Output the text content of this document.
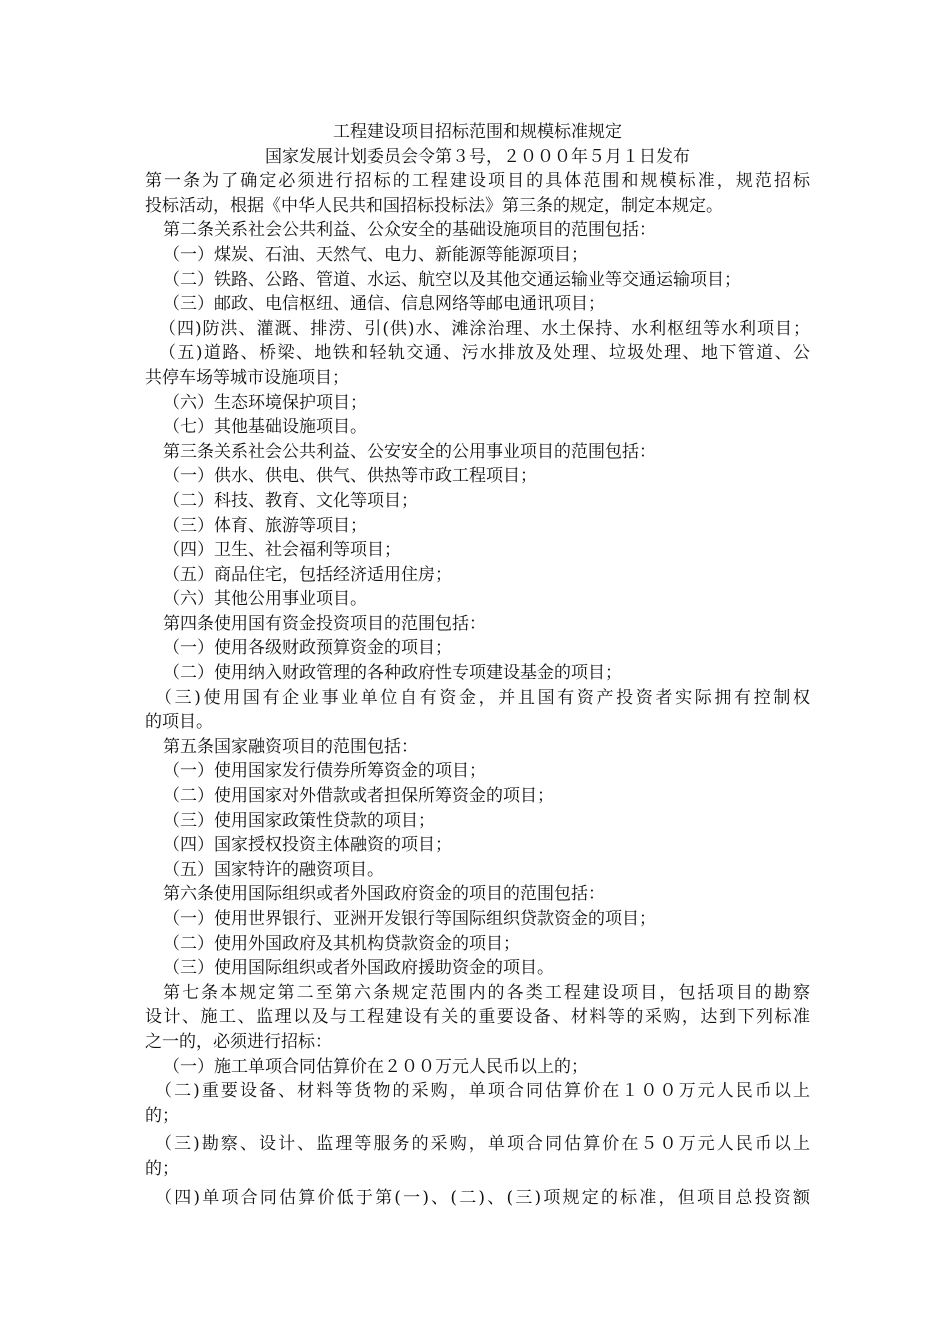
工程建设项目招标范围和规模标准规定
国家发展计划委员会令第３号，２０００年５月１日发布
第一条为了确定必须进行招标的工程建设项目的具体范围和规模标准，规范招标
投标活动，根据《中华人民共和国招标投标法》第三条的规定，制定本规定。
第二条关系社会公共利益、公众安全的基础设施项目的范围包括：
（一）煤炭、石油、天然气、电力、新能源等能源项目；
（二）铁路、公路、管道、水运、航空以及其他交通运输业等交通运输项目；
（三）邮政、电信枢纽、通信、信息网络等邮电通讯项目；
（四)防洪、灌溉、排涝、引(供)水、滩涂治理、水土保持、水利枢纽等水利项目；
（五)道路、桥梁、地铁和轻轨交通、污水排放及处理、垃圾处理、地下管道、公
共停车场等城市设施项目；
（六）生态环境保护项目；
（七）其他基础设施项目。
第三条关系社会公共利益、公安安全的公用事业项目的范围包括：
（一）供水、供电、供气、供热等市政工程项目；
（二）科技、教育、文化等项目；
（三）体育、旅游等项目；
（四）卫生、社会福利等项目；
（五）商品住宅，包括经济适用住房；
（六）其他公用事业项目。
第四条使用国有资金投资项目的范围包括：
（一）使用各级财政预算资金的项目；
（二）使用纳入财政管理的各种政府性专项建设基金的项目；
（三)使用国有企业事业单位自有资金，并且国有资产投资者实际拥有控制权
的项目。
第五条国家融资项目的范围包括：
（一）使用国家发行债券所筹资金的项目；
（二）使用国家对外借款或者担保所筹资金的项目；
（三）使用国家政策性贷款的项目；
（四）国家授权投资主体融资的项目；
（五）国家特许的融资项目。
第六条使用国际组织或者外国政府资金的项目的范围包括：
（一）使用世界银行、亚洲开发银行等国际组织贷款资金的项目；
（二）使用外国政府及其机构贷款资金的项目；
（三）使用国际组织或者外国政府援助资金的项目。
第七条本规定第二至第六条规定范围内的各类工程建设项目，包括项目的勘察
设计、施工、监理以及与工程建设有关的重要设备、材料等的采购，达到下列标准
之一的，必须进行招标：
（一）施工单项合同估算价在２００万元人民币以上的；
（二)重要设备、材料等货物的采购，单项合同估算价在１００万元人民币以上
的；
（三)勘察、设计、监理等服务的采购，单项合同估算价在５０万元人民币以上
的；
（四)单项合同估算价低于第(一)、(二)、(三)项规定的标准，但项目总投资额
